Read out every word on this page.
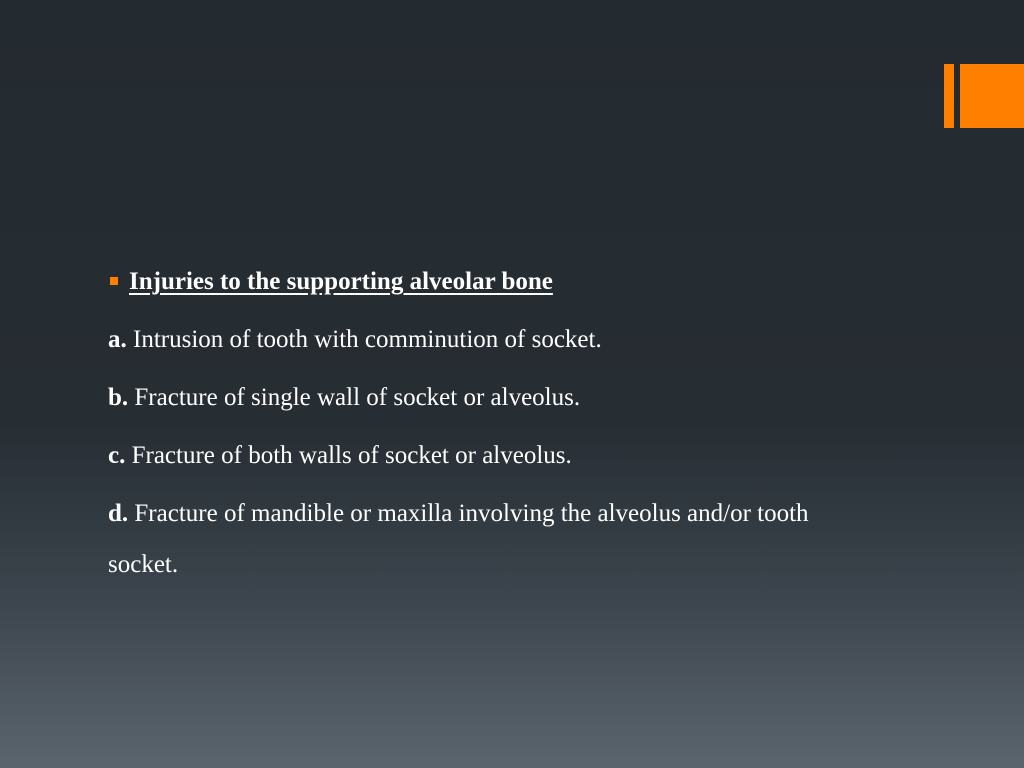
Injuries to the supporting alveolar bone
a. Intrusion of tooth with comminution of socket.
b. Fracture of single wall of socket or alveolus.
c. Fracture of both walls of socket or alveolus.
d. Fracture of mandible or maxilla involving the alveolus and/or tooth socket.
